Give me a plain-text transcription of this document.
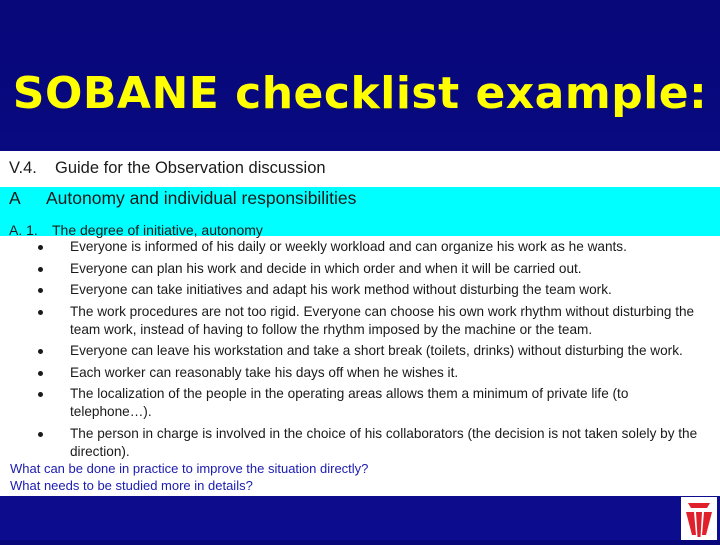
SOBANE checklist example:
V.4. Guide for the Observation discussion
A Autonomy and individual responsibilities
A. 1. The degree of initiative, autonomy
Everyone is informed of his daily or weekly workload and can organize his work as he wants.
Everyone can plan his work and decide in which order and when it will be carried out.
Everyone can take initiatives and adapt his work method without disturbing the team work.
The work procedures are not too rigid. Everyone can choose his own work rhythm without disturbing the team work, instead of having to follow the rhythm imposed by the machine or the team.
Everyone can leave his workstation and take a short break (toilets, drinks) without disturbing the work.
Each worker can reasonably take his days off when he wishes it.
The localization of the people in the operating areas allows them a minimum of private life (to telephone…).
The person in charge is involved in the choice of his collaborators (the decision is not taken solely by the direction).
What can be done in practice to improve the situation directly?
What needs to be studied more in details?
